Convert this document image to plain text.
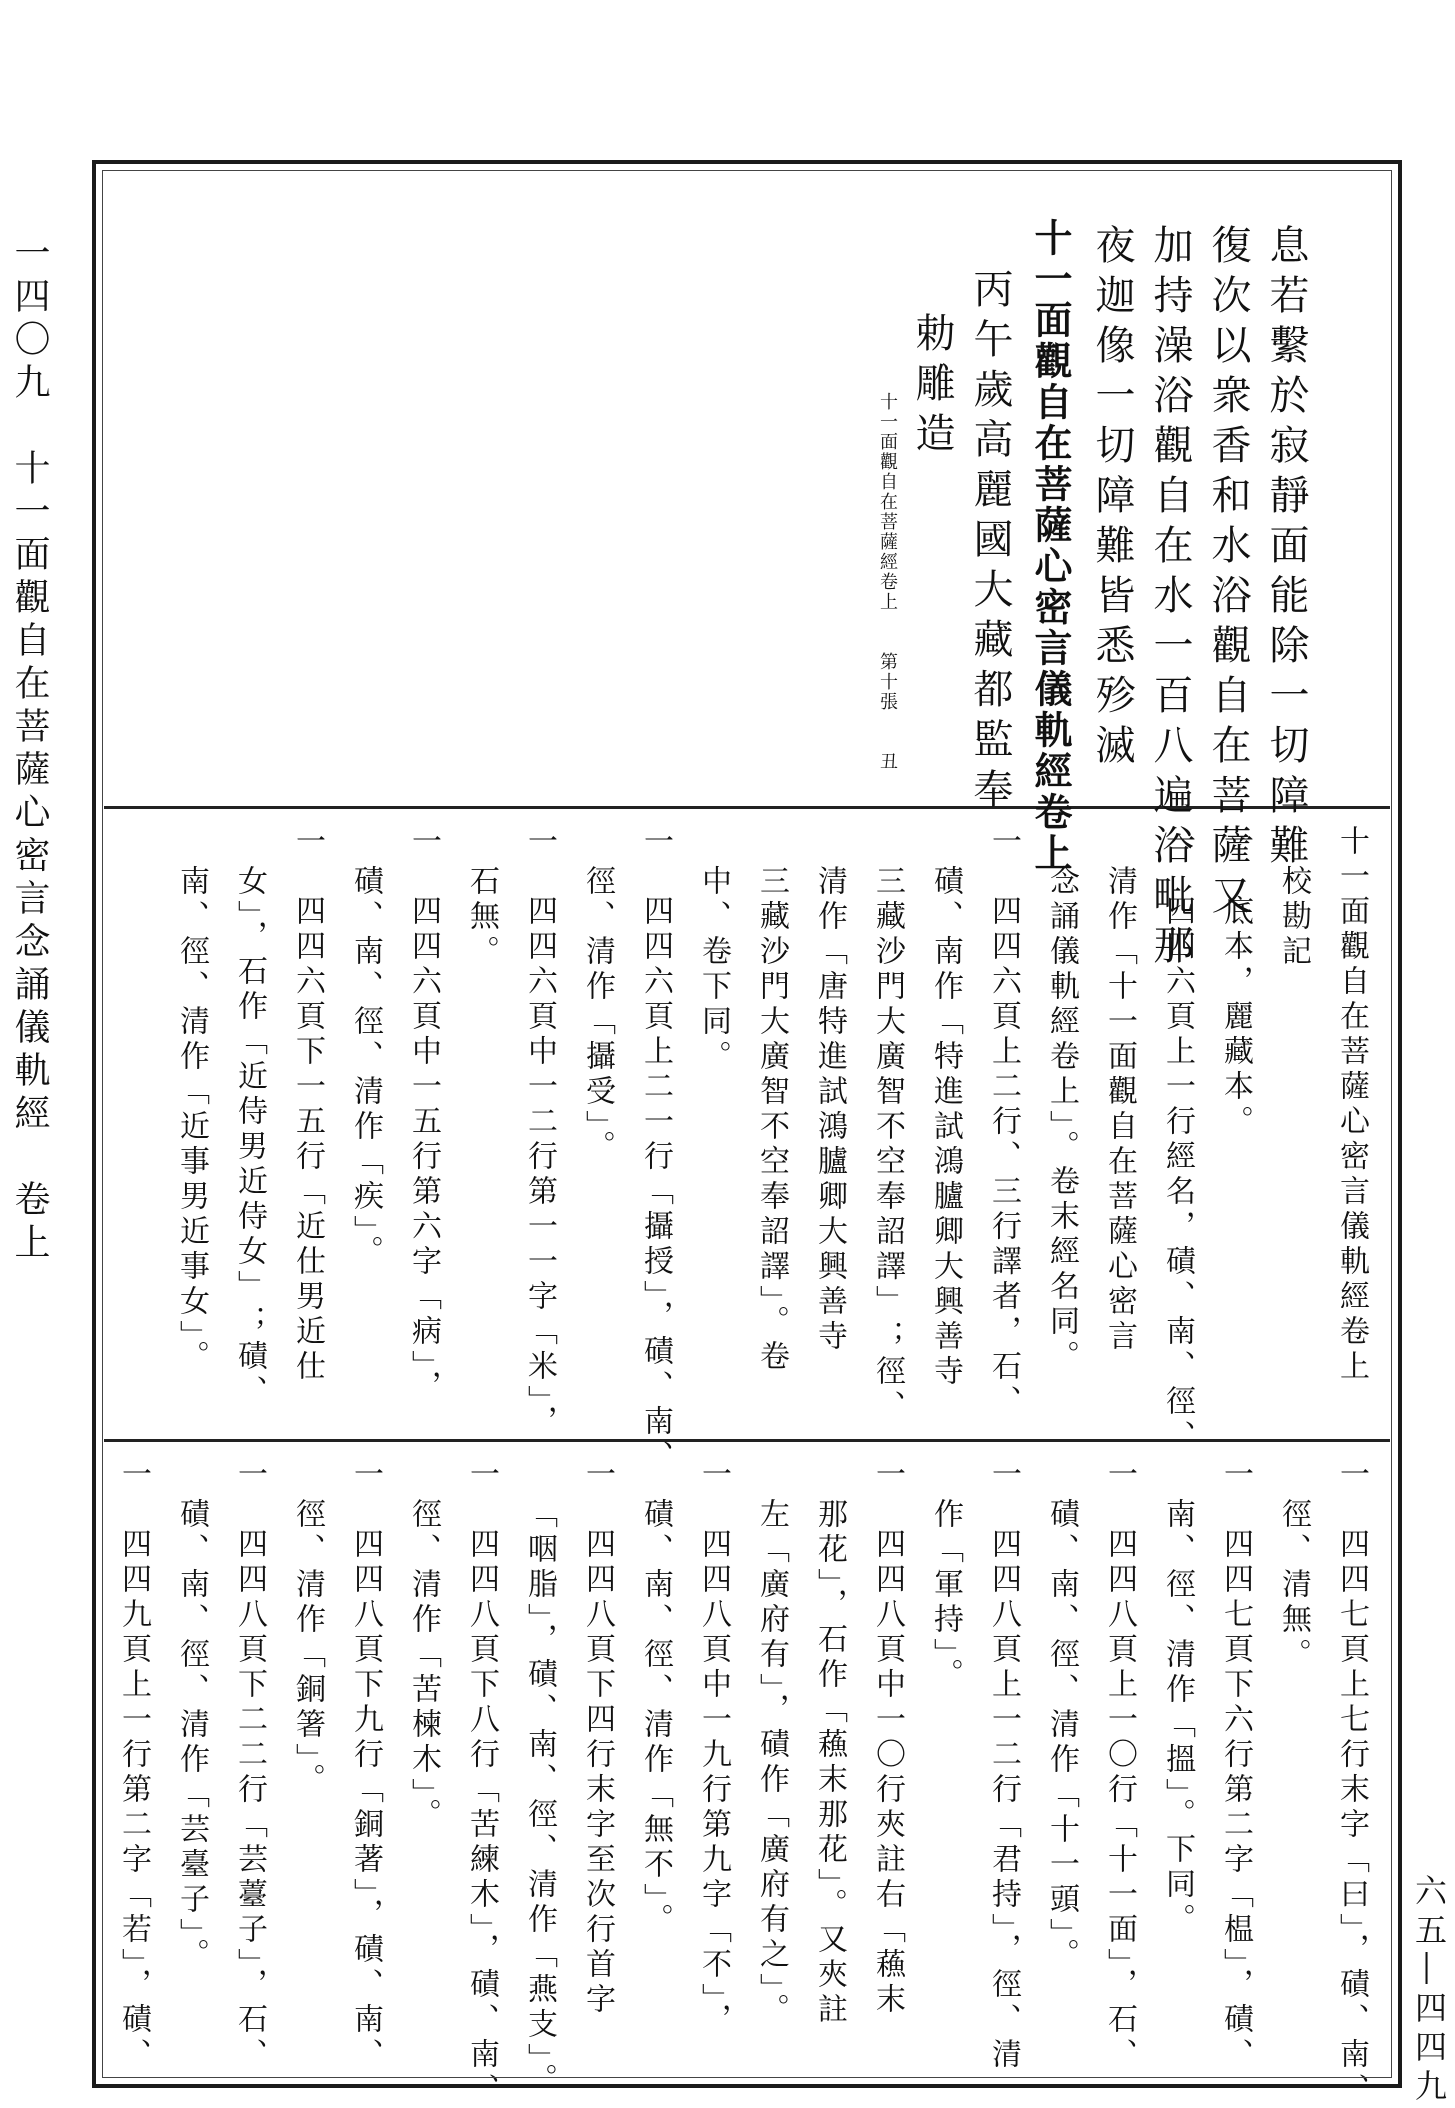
一四〇九　十一面觀自在菩薩心密言念誦儀軌經　卷上
六五―四四九
息若繫於寂靜面能除一切障難
復次以衆香和水浴觀自在菩薩又
加持澡浴觀自在水一百八遍浴毗那
夜迦像一切障難皆悉殄滅
十一面觀自在菩薩心密言儀軌經卷上
丙午歲高麗國大藏都監奉
勅雕造
十一面觀自在菩薩經卷上　　第十張　　丑
十一面觀自在菩薩心密言儀軌經卷上
校勘記
一　底本，麗藏本。
一　四四六頁上一行經名，磧、南、徑、
清作「十一面觀自在菩薩心密言
念誦儀軌經卷上」。卷末經名同。
一　四四六頁上二行、三行譯者，石、
磧、南作「特進試鴻臚卿大興善寺
三藏沙門大廣智不空奉詔譯」；徑、
清作「唐特進試鴻臚卿大興善寺
三藏沙門大廣智不空奉詔譯」。卷
中、卷下同。
一　四四六頁上二一行「攝授」，磧、南、
徑、清作「攝受」。
一　四四六頁中一二行第一一字「米」，
石無。
一　四四六頁中一五行第六字「病」，
磧、南、徑、清作「疾」。
一　四四六頁下一五行「近仕男近仕
女」，石作「近侍男近侍女」；磧、
南、徑、清作「近事男近事女」。
一　四四七頁上七行末字「曰」，磧、南、
徑、清無。
一　四四七頁下六行第二字「榅」，磧、
南、徑、清作「搵」。下同。
一　四四八頁上一〇行「十一面」，石、
磧、南、徑、清作「十一頭」。
一　四四八頁上一二行「君持」，徑、清
作「軍持」。
一　四四八頁中一〇行夾註右「蘓末
那花」，石作「蘓末那花」。又夾註
左「廣府有」，磧作「廣府有之」。
一　四四八頁中一九行第九字「不」，
磧、南、徑、清作「無不」。
一　四四八頁下四行末字至次行首字
「咽脂」，磧、南、徑、清作「燕支」。
一　四四八頁下八行「苦練木」，磧、南、
徑、清作「苦楝木」。
一　四四八頁下九行「銅著」，磧、南、
徑、清作「銅箸」。
一　四四八頁下二二行「芸薹子」，石、
磧、南、徑、清作「芸臺子」。
一　四四九頁上一行第二字「若」，磧、
